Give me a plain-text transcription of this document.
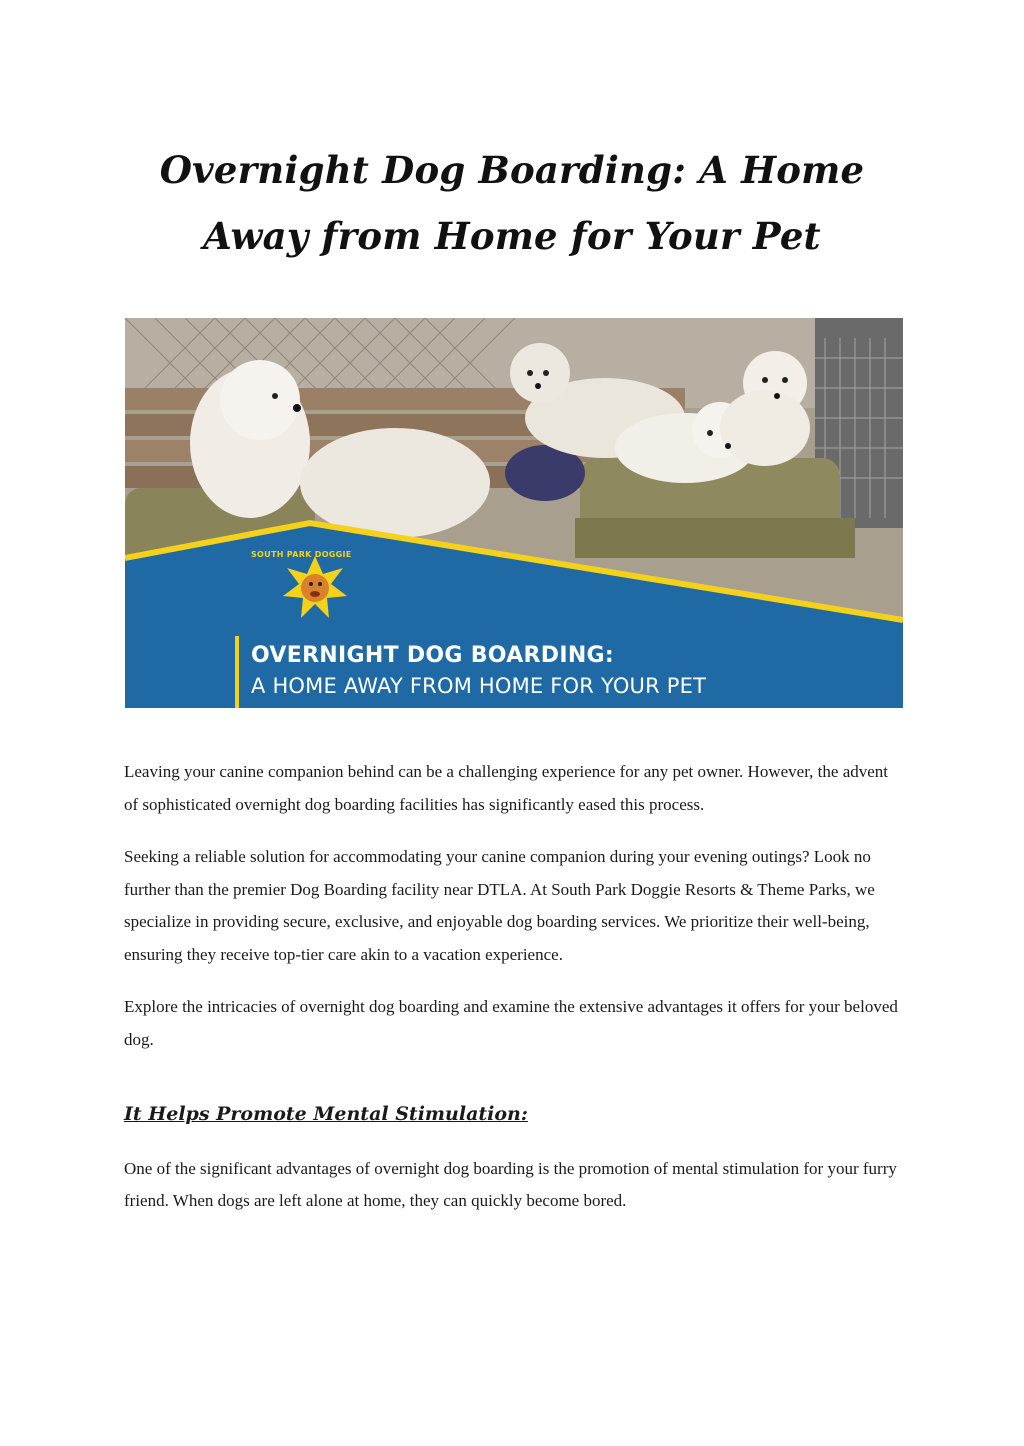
Overnight Dog Boarding: A Home
Away from Home for Your Pet
SOUTH PARK DOGGIE
OVERNIGHT DOG BOARDING:
A HOME AWAY FROM HOME FOR YOUR PET

Leaving your canine companion behind can be a challenging experience for any pet owner. However, the advent of sophisticated overnight dog boarding facilities has significantly eased this process.

Seeking a reliable solution for accommodating your canine companion during your evening outings? Look no further than the premier Dog Boarding facility near DTLA. At South Park Doggie Resorts & Theme Parks, we specialize in providing secure, exclusive, and enjoyable dog boarding services. We prioritize their well-being, ensuring they receive top-tier care akin to a vacation experience.

Explore the intricacies of overnight dog boarding and examine the extensive advantages it offers for your beloved dog.

It Helps Promote Mental Stimulation:

One of the significant advantages of overnight dog boarding is the promotion of mental stimulation for your furry friend. When dogs are left alone at home, they can quickly become bored.
